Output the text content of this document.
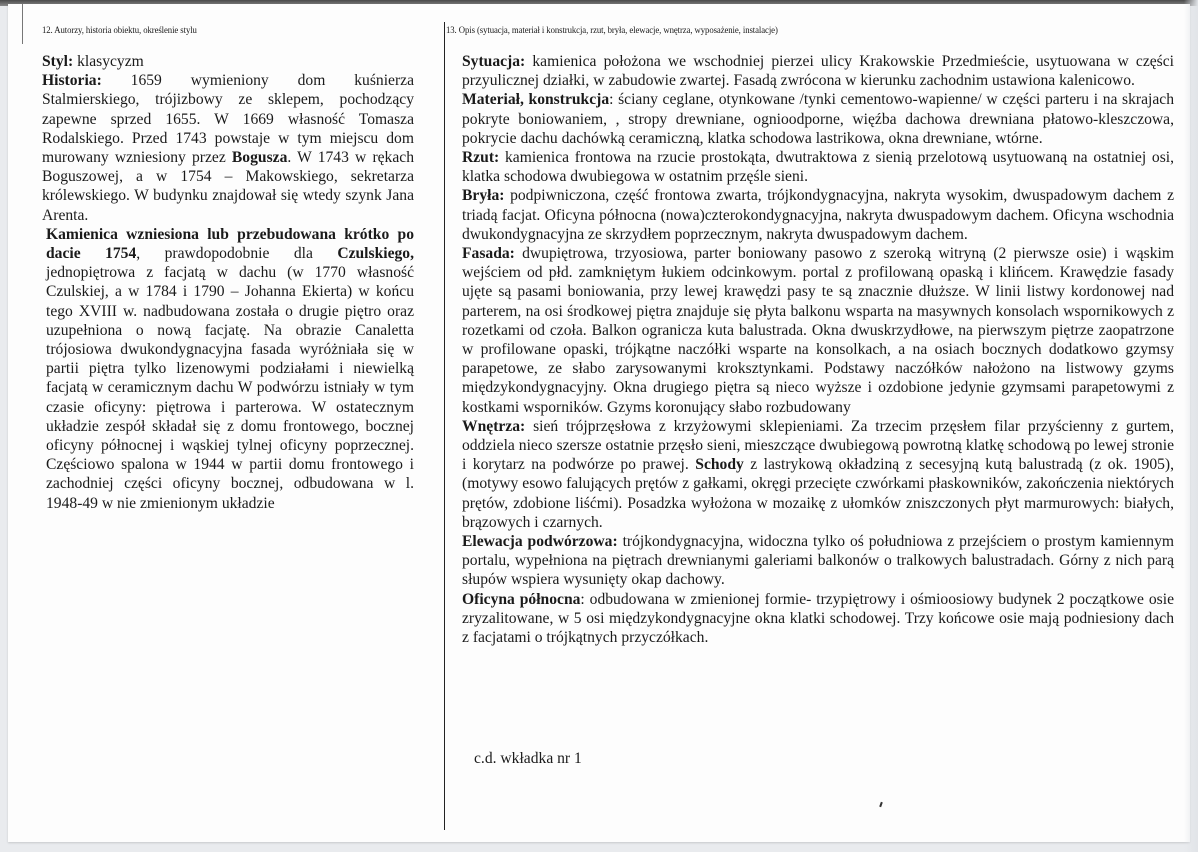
12. Autorzy, historia obiektu, określenie stylu

Styl: klasycyzm

Historia: 1659 wymieniony dom kuśnierza Stalmierskiego, trójizbowy ze sklepem, pochodzący zapewne sprzed 1655. W 1669 własność Tomasza Rodalskiego. Przed 1743 powstaje w tym miejscu dom murowany wzniesiony przez Bogusza. W 1743 w rękach Boguszowej, a w 1754 – Makowskiego, sekretarza królewskiego. W budynku znajdował się wtedy szynk Jana Arenta.

Kamienica wzniesiona lub przebudowana krótko po dacie 1754, prawdopodobnie dla Czulskiego, jednopiętrowa z facjatą w dachu (w 1770 własność Czulskiej, a w 1784 i 1790 – Johanna Ekierta) w końcu tego XVIII w. nadbudowana została o drugie piętro oraz uzupełniona o nową facjatę. Na obrazie Canaletta trójosiowa dwukondygnacyjna fasada wyróżniała się w partii piętra tylko lizenowymi podziałami i niewielką facjatą w ceramicznym dachu W podwórzu istniały w tym czasie oficyny: piętrowa i parterowa. W ostatecznym układzie zespół składał się z domu frontowego, bocznej oficyny północnej i wąskiej tylnej oficyny poprzecznej. Częściowo spalona w 1944 w partii domu frontowego i zachodniej części oficyny bocznej, odbudowana w l. 1948-49 w nie zmienionym układzie

13. Opis (sytuacja, materiał i konstrukcja, rzut, bryła, elewacje, wnętrza, wyposażenie, instalacje)

Sytuacja: kamienica położona we wschodniej pierzei ulicy Krakowskie Przedmieście, usytuowana w części przyulicznej działki, w zabudowie zwartej. Fasadą zwrócona w kierunku zachodnim ustawiona kalenicowo.

Materiał, konstrukcja: ściany ceglane, otynkowane /tynki cementowo-wapienne/ w części parteru i na skrajach pokryte boniowaniem, , stropy drewniane, ognioodporne, więźba dachowa drewniana płatowo-kleszczowa, pokrycie dachu dachówką ceramiczną, klatka schodowa lastrikowa, okna drewniane, wtórne.

Rzut: kamienica frontowa na rzucie prostokąta, dwutraktowa z sienią przelotową usytuowaną na ostatniej osi, klatka schodowa dwubiegowa w ostatnim przęśle sieni.

Bryła: podpiwniczona, część frontowa zwarta, trójkondygnacyjna, nakryta wysokim, dwuspadowym dachem z triadą facjat. Oficyna północna (nowa)czterokondygnacyjna, nakryta dwuspadowym dachem. Oficyna wschodnia dwukondygnacyjna ze skrzydłem poprzecznym, nakryta dwuspadowym dachem.

Fasada: dwupiętrowa, trzyosiowa, parter boniowany pasowo z szeroką witryną (2 pierwsze osie) i wąskim wejściem od płd. zamkniętym łukiem odcinkowym. portal z profilowaną opaską i klińcem. Krawędzie fasady ujęte są pasami boniowania, przy lewej krawędzi pasy te są znacznie dłuższe. W linii listwy kordonowej nad parterem, na osi środkowej piętra znajduje się płyta balkonu wsparta na masywnych konsolach wspornikowych z rozetkami od czoła. Balkon ogranicza kuta balustrada. Okna dwuskrzydłowe, na pierwszym piętrze zaopatrzone w profilowane opaski, trójkątne naczółki wsparte na konsolkach, a na osiach bocznych dodatkowo gzymsy parapetowe, ze słabo zarysowanymi kroksztynkami. Podstawy naczółków nałożono na listwowy gzyms międzykondygnacyjny. Okna drugiego piętra są nieco wyższe i ozdobione jedynie gzymsami parapetowymi z kostkami wsporników. Gzyms koronujący słabo rozbudowany

Wnętrza: sień trójprzęsłowa z krzyżowymi sklepieniami. Za trzecim przęsłem filar przyścienny z gurtem, oddziela nieco szersze ostatnie przęsło sieni, mieszczące dwubiegową powrotną klatkę schodową po lewej stronie i korytarz na podwórze po prawej. Schody z lastrykową okładziną z secesyjną kutą balustradą (z ok. 1905), (motywy esowo falujących prętów z gałkami, okręgi przecięte czwórkami płaskowników, zakończenia niektórych prętów, zdobione liśćmi). Posadzka wyłożona w mozaikę z ułomków zniszczonych płyt marmurowych: białych, brązowych i czarnych.

Elewacja podwórzowa: trójkondygnacyjna, widoczna tylko oś południowa z przejściem o prostym kamiennym portalu, wypełniona na piętrach drewnianymi galeriami balkonów o tralkowych balustradach. Górny z nich parą słupów wspiera wysunięty okap dachowy.

Oficyna północna: odbudowana w zmienionej formie- trzypiętrowy i ośmioosiowy budynek 2 początkowe osie zryzalitowane, w 5 osi międzykondygnacyjne okna klatki schodowej. Trzy końcowe osie mają podniesiony dach z facjatami o trójkątnych przyczółkach.

c.d. wkładka nr 1
